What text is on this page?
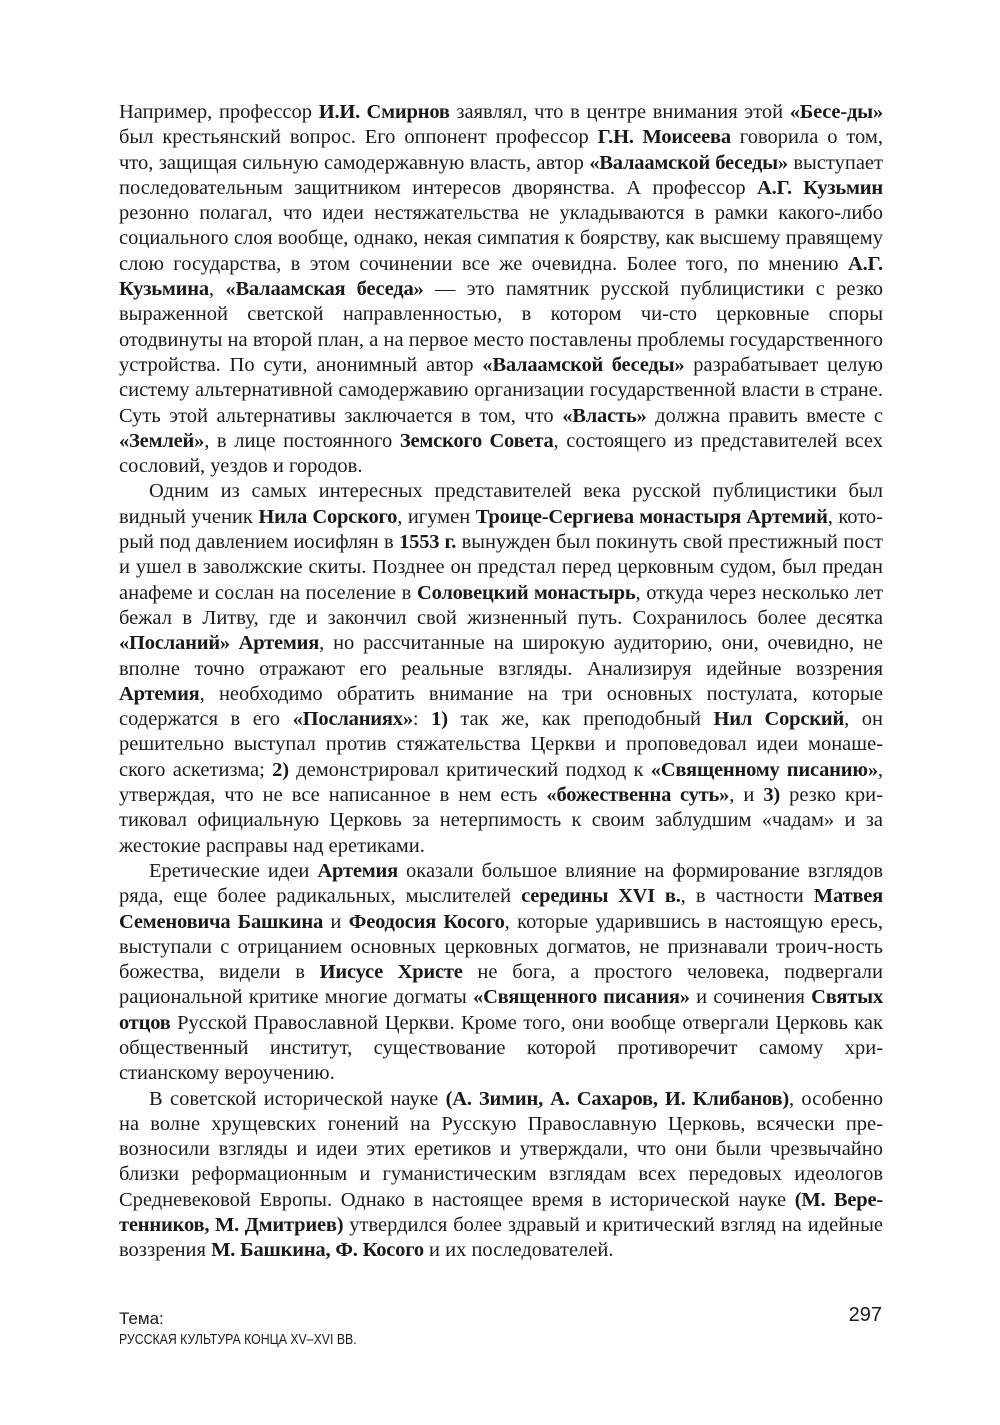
Например, профессор И.И. Смирнов заявлял, что в центре внимания этой «Бесе-ды» был крестьянский вопрос. Его оппонент профессор Г.Н. Моисеева говорила о том, что, защищая сильную самодержавную власть, автор «Валаамской беседы» выступает последовательным защитником интересов дворянства. А профессор А.Г. Кузьмин резонно полагал, что идеи нестяжательства не укладываются в рамки какого-либо социального слоя вообще, однако, некая симпатия к боярству, как высшему правящему слою государства, в этом сочинении все же очевидна. Более того, по мнению А.Г. Кузьмина, «Валаамская беседа» — это памятник русской публицистики с резко выраженной светской направленностью, в котором чи-сто церковные споры отодвинуты на второй план, а на первое место поставлены проблемы государственного устройства. По сути, анонимный автор «Валаамской беседы» разрабатывает целую систему альтернативной самодержавию организации государственной власти в стране. Суть этой альтернативы заключается в том, что «Власть» должна править вместе с «Землей», в лице постоянного Земского Совета, состоящего из представителей всех сословий, уездов и городов.

Одним из самых интересных представителей века русской публицистики был видный ученик Нила Сорского, игумен Троице-Сергиева монастыря Артемий, кото-рый под давлением иосифлян в 1553 г. вынужден был покинуть свой престижный пост и ушел в заволжские скиты. Позднее он предстал перед церковным судом, был предан анафеме и сослан на поселение в Соловецкий монастырь, откуда через несколько лет бежал в Литву, где и закончил свой жизненный путь. Сохранилось более десятка «Посланий» Артемия, но рассчитанные на широкую аудиторию, они, очевидно, не вполне точно отражают его реальные взгляды. Анализируя идейные воззрения Артемия, необходимо обратить внимание на три основных постулата, которые содержатся в его «Посланиях»: 1) так же, как преподобный Нил Сорский, он решительно выступал против стяжательства Церкви и проповедовал идеи монаше-ского аскетизма; 2) демонстрировал критический подход к «Священному писанию», утверждая, что не все написанное в нем есть «божественна суть», и 3) резко кри-тиковал официальную Церковь за нетерпимость к своим заблудшим «чадам» и за жестокие расправы над еретиками.

Еретические идеи Артемия оказали большое влияние на формирование взглядов ряда, еще более радикальных, мыслителей середины XVI в., в частности Матвея Семеновича Башкина и Феодосия Косого, которые ударившись в настоящую ересь, выступали с отрицанием основных церковных догматов, не признавали троич-ность божества, видели в Иисусе Христе не бога, а простого человека, подвергали рациональной критике многие догматы «Священного писания» и сочинения Святых отцов Русской Православной Церкви. Кроме того, они вообще отвергали Церковь как общественный институт, существование которой противоречит самому хри-стианскому вероучению.

В советской исторической науке (А. Зимин, А. Сахаров, И. Клибанов), особенно на волне хрущевских гонений на Русскую Православную Церковь, всячески пре-возносили взгляды и идеи этих еретиков и утверждали, что они были чрезвычайно близки реформационным и гуманистическим взглядам всех передовых идеологов Средневековой Европы. Однако в настоящее время в исторической науке (М. Вере-тенников, М. Дмитриев) утвердился более здравый и критический взгляд на идейные воззрения М. Башкина, Ф. Косого и их последователей.

Тема:
РУССКАЯ КУЛЬТУРА КОНЦА XV–XVI ВВ.
297
